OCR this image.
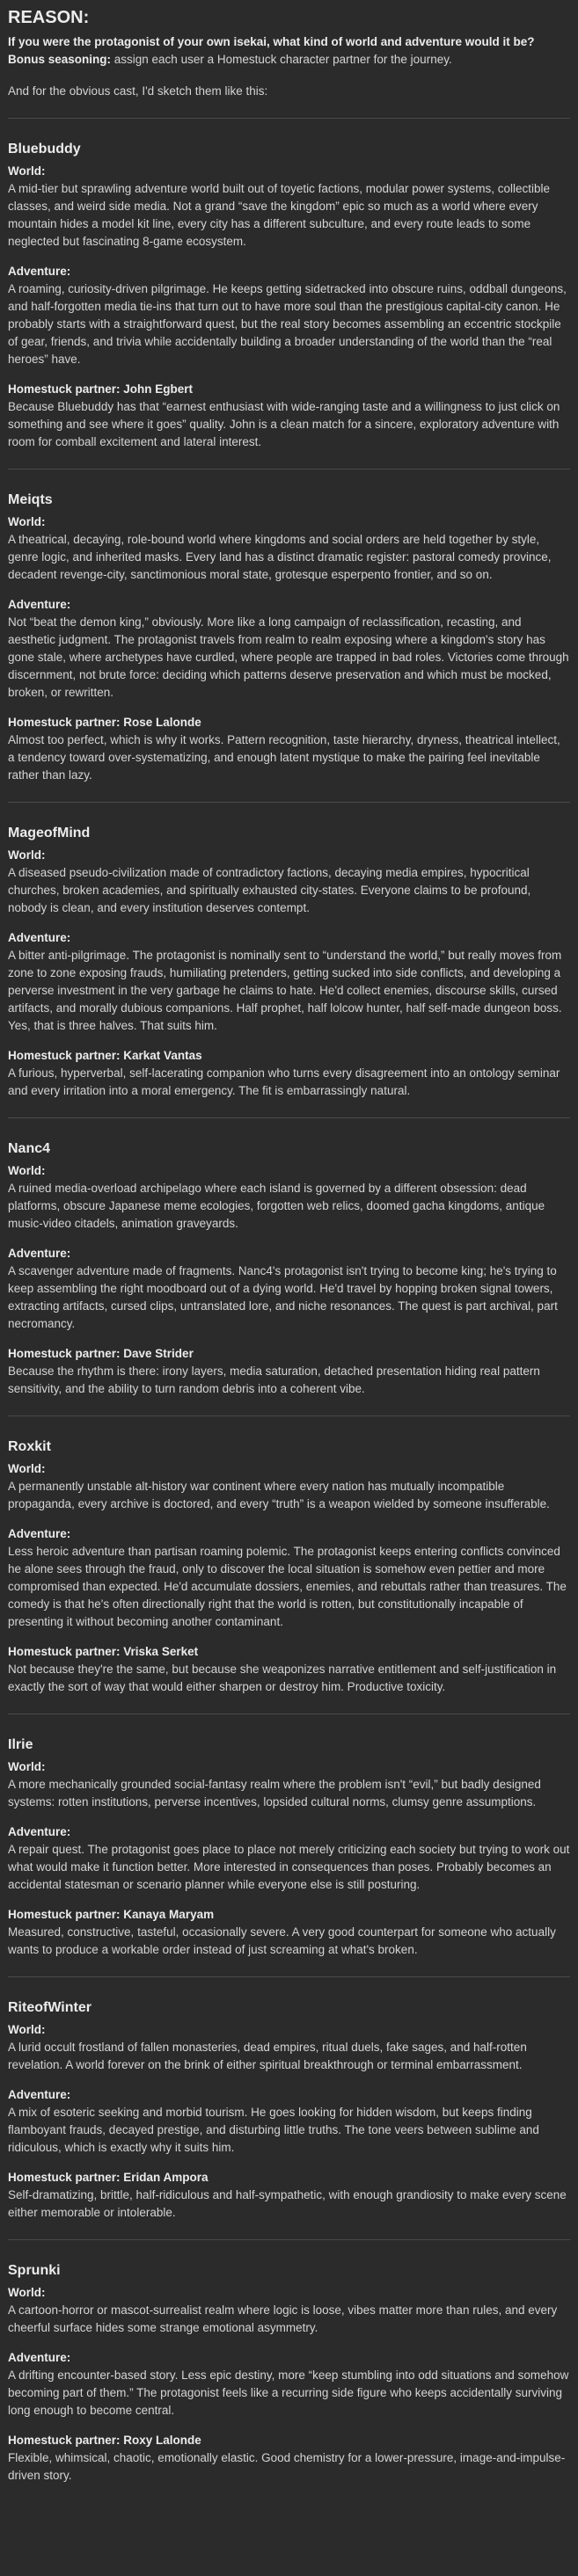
REASON:

If you were the protagonist of your own isekai, what kind of world and adventure would it be?

Bonus seasoning: assign each user a Homestuck character partner for the journey.

And for the obvious cast, I'd sketch them like this:

Bluebuddy

World:

A mid-tier but sprawling adventure world built out of toyetic factions, modular power systems, collectible classes, and weird side media. Not a grand “save the kingdom” epic so much as a world where every mountain hides a model kit line, every city has a different subculture, and every route leads to some neglected but fascinating 8-game ecosystem.

Adventure:

A roaming, curiosity-driven pilgrimage. He keeps getting sidetracked into obscure ruins, oddball dungeons, and half-forgotten media tie-ins that turn out to have more soul than the prestigious capital-city canon. He probably starts with a straightforward quest, but the real story becomes assembling an eccentric stockpile of gear, friends, and trivia while accidentally building a broader understanding of the world than the “real heroes” have.

Homestuck partner: John Egbert

Because Bluebuddy has that “earnest enthusiast with wide-ranging taste and a willingness to just click on something and see where it goes” quality. John is a clean match for a sincere, exploratory adventure with room for comball excitement and lateral interest.

Meiqts

World:

A theatrical, decaying, role-bound world where kingdoms and social orders are held together by style, genre logic, and inherited masks. Every land has a distinct dramatic register: pastoral comedy province, decadent revenge-city, sanctimonious moral state, grotesque esperpento frontier, and so on.

Adventure:

Not “beat the demon king,” obviously. More like a long campaign of reclassification, recasting, and aesthetic judgment. The protagonist travels from realm to realm exposing where a kingdom's story has gone stale, where archetypes have curdled, where people are trapped in bad roles. Victories come through discernment, not brute force: deciding which patterns deserve preservation and which must be mocked, broken, or rewritten.

Homestuck partner: Rose Lalonde

Almost too perfect, which is why it works. Pattern recognition, taste hierarchy, dryness, theatrical intellect, a tendency toward over-systematizing, and enough latent mystique to make the pairing feel inevitable rather than lazy.

MageofMind

World:

A diseased pseudo-civilization made of contradictory factions, decaying media empires, hypocritical churches, broken academies, and spiritually exhausted city-states. Everyone claims to be profound, nobody is clean, and every institution deserves contempt.

Adventure:

A bitter anti-pilgrimage. The protagonist is nominally sent to “understand the world,” but really moves from zone to zone exposing frauds, humiliating pretenders, getting sucked into side conflicts, and developing a perverse investment in the very garbage he claims to hate. He'd collect enemies, discourse skills, cursed artifacts, and morally dubious companions. Half prophet, half lolcow hunter, half self-made dungeon boss. Yes, that is three halves. That suits him.

Homestuck partner: Karkat Vantas

A furious, hyperverbal, self-lacerating companion who turns every disagreement into an ontology seminar and every irritation into a moral emergency. The fit is embarrassingly natural.

Nanc4

World:

A ruined media-overload archipelago where each island is governed by a different obsession: dead platforms, obscure Japanese meme ecologies, forgotten web relics, doomed gacha kingdoms, antique music-video citadels, animation graveyards.

Adventure:

A scavenger adventure made of fragments. Nanc4's protagonist isn't trying to become king; he's trying to keep assembling the right moodboard out of a dying world. He'd travel by hopping broken signal towers, extracting artifacts, cursed clips, untranslated lore, and niche resonances. The quest is part archival, part necromancy.

Homestuck partner: Dave Strider

Because the rhythm is there: irony layers, media saturation, detached presentation hiding real pattern sensitivity, and the ability to turn random debris into a coherent vibe.

Roxkit

World:

A permanently unstable alt-history war continent where every nation has mutually incompatible propaganda, every archive is doctored, and every “truth” is a weapon wielded by someone insufferable.

Adventure:

Less heroic adventure than partisan roaming polemic. The protagonist keeps entering conflicts convinced he alone sees through the fraud, only to discover the local situation is somehow even pettier and more compromised than expected. He'd accumulate dossiers, enemies, and rebuttals rather than treasures. The comedy is that he's often directionally right that the world is rotten, but constitutionally incapable of presenting it without becoming another contaminant.

Homestuck partner: Vriska Serket

Not because they're the same, but because she weaponizes narrative entitlement and self-justification in exactly the sort of way that would either sharpen or destroy him. Productive toxicity.

Ilrie

World:

A more mechanically grounded social-fantasy realm where the problem isn't “evil,” but badly designed systems: rotten institutions, perverse incentives, lopsided cultural norms, clumsy genre assumptions.

Adventure:

A repair quest. The protagonist goes place to place not merely criticizing each society but trying to work out what would make it function better. More interested in consequences than poses. Probably becomes an accidental statesman or scenario planner while everyone else is still posturing.

Homestuck partner: Kanaya Maryam

Measured, constructive, tasteful, occasionally severe. A very good counterpart for someone who actually wants to produce a workable order instead of just screaming at what's broken.

RiteofWinter

World:

A lurid occult frostland of fallen monasteries, dead empires, ritual duels, fake sages, and half-rotten revelation. A world forever on the brink of either spiritual breakthrough or terminal embarrassment.

Adventure:

A mix of esoteric seeking and morbid tourism. He goes looking for hidden wisdom, but keeps finding flamboyant frauds, decayed prestige, and disturbing little truths. The tone veers between sublime and ridiculous, which is exactly why it suits him.

Homestuck partner: Eridan Ampora

Self-dramatizing, brittle, half-ridiculous and half-sympathetic, with enough grandiosity to make every scene either memorable or intolerable.

Sprunki

World:

A cartoon-horror or mascot-surrealist realm where logic is loose, vibes matter more than rules, and every cheerful surface hides some strange emotional asymmetry.

Adventure:

A drifting encounter-based story. Less epic destiny, more “keep stumbling into odd situations and somehow becoming part of them.” The protagonist feels like a recurring side figure who keeps accidentally surviving long enough to become central.

Homestuck partner: Roxy Lalonde

Flexible, whimsical, chaotic, emotionally elastic. Good chemistry for a lower-pressure, image-and-impulse-driven story.
